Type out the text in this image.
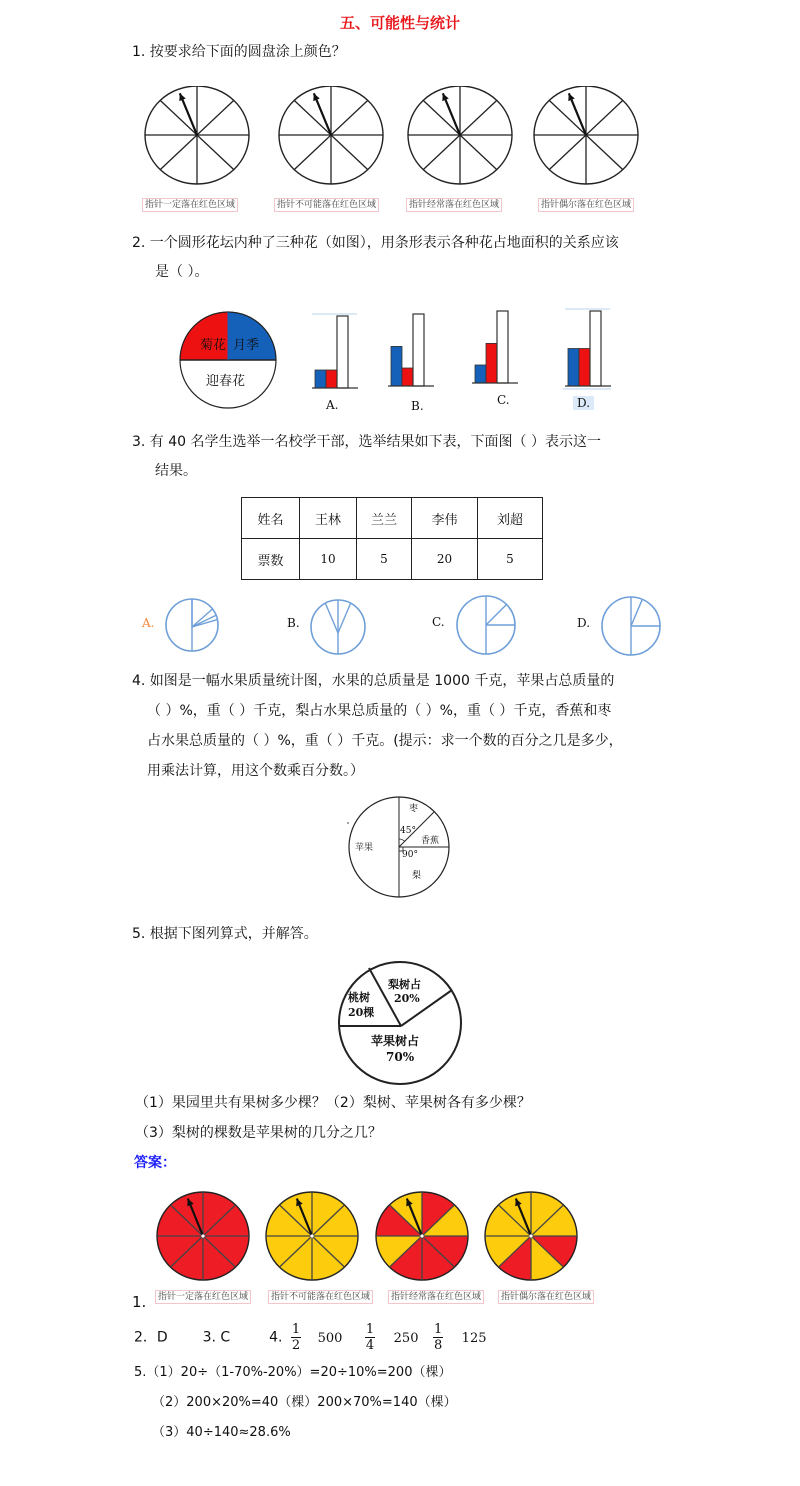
五、可能性与统计
1. 按要求给下面的圆盘涂上颜色？
指针一定落在红色区域	指针不可能落在红色区域	指针经常落在红色区域	指针偶尔落在红色区域
2. 一个圆形花坛内种了三种花（如图），用条形表示各种花占地面积的关系应该
是（ ）。
菊花 月季
迎春花
A.	B.	C.	D.
3. 有 40 名学生选举一名校学干部，选举结果如下表，下面图（ ）表示这一
结果。
姓名	王林	兰兰	李伟	刘超
票数	10	5	20	5
A.	B.	C.	D.
4. 如图是一幅水果质量统计图，水果的总质量是 1000 千克，苹果占总质量的
（ ）%，重（ ）千克，梨占水果总质量的（ ）%，重（ ）千克，香蕉和枣
占水果总质量的（ ）%，重（ ）千克。(提示：求一个数的百分之几是多少，
用乘法计算，用这个数乘百分数。）
苹果
枣
香蕉
梨
45°
90°
5. 根据下图列算式，并解答。
桃树
20棵
梨树占
20%
苹果树占
70%
（1）果园里共有果树多少棵？（2）梨树、苹果树各有多少棵？
（3）梨树的棵数是苹果树的几分之几？
答案：
1.	指针一定落在红色区域	指针不可能落在红色区域	指针经常落在红色区域	指针偶尔落在红色区域
2．D 3. C	4. $\frac{1}{2} 500 \frac{1}{4} 250 \frac{1}{8} 125$
5.（1）20÷（1-70%-20%）=20÷10%=200（棵）
（2）200×20%=40（棵）200×70%=140（棵）
（3）40÷140≈28.6%
